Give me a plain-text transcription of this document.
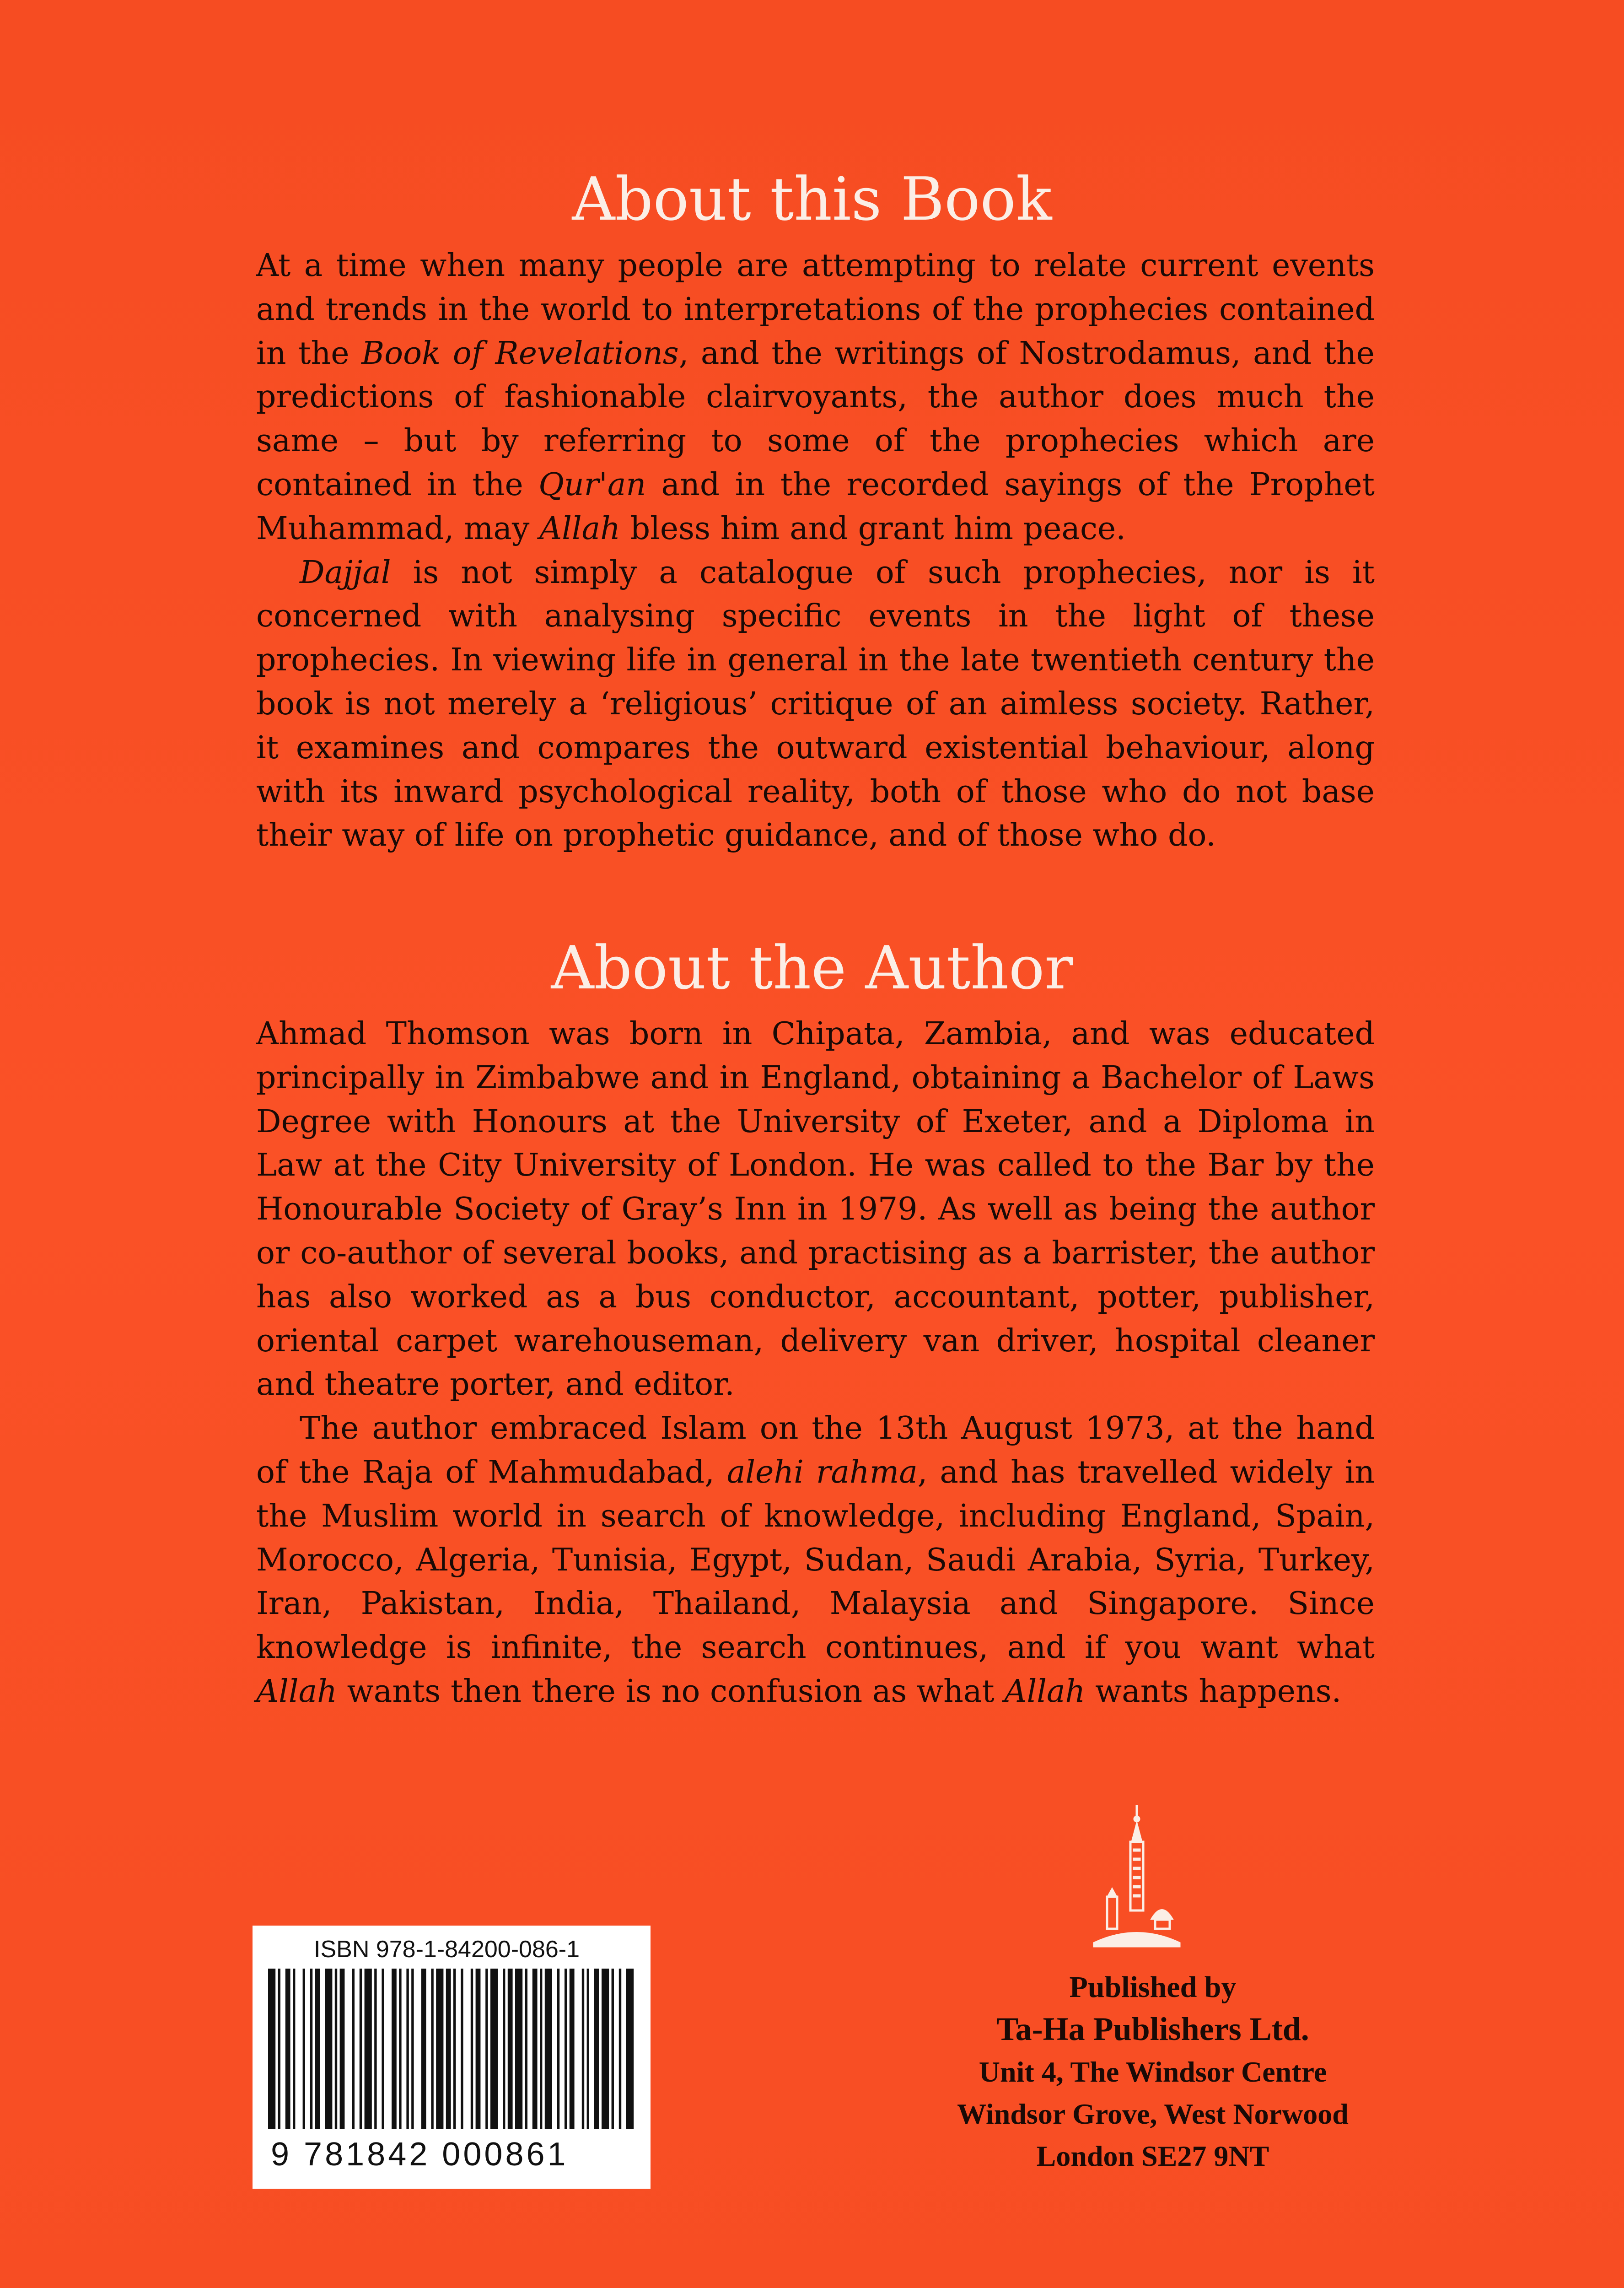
About this Book

At a time when many people are attempting to relate current events and trends in the world to interpretations of the prophecies contained in the Book of Revelations, and the writings of Nostrodamus, and the predictions of fashionable clairvoyants, the author does much the same – but by referring to some of the prophecies which are contained in the Qur'an and in the recorded sayings of the Prophet Muhammad, may Allah bless him and grant him peace.

Dajjal is not simply a catalogue of such prophecies, nor is it concerned with analysing specific events in the light of these prophecies. In viewing life in general in the late twentieth century the book is not merely a ‘religious’ critique of an aimless society. Rather, it examines and compares the outward existential behaviour, along with its inward psychological reality, both of those who do not base their way of life on prophetic guidance, and of those who do.

About the Author

Ahmad Thomson was born in Chipata, Zambia, and was educated principally in Zimbabwe and in England, obtaining a Bachelor of Laws Degree with Honours at the University of Exeter, and a Diploma in Law at the City University of London. He was called to the Bar by the Honourable Society of Gray’s Inn in 1979. As well as being the author or co-author of several books, and practising as a barrister, the author has also worked as a bus conductor, accountant, potter, publisher, oriental carpet warehouseman, delivery van driver, hospital cleaner and theatre porter, and editor.

The author embraced Islam on the 13th August 1973, at the hand of the Raja of Mahmudabad, alehi rahma, and has travelled widely in the Muslim world in search of knowledge, including England, Spain, Morocco, Algeria, Tunisia, Egypt, Sudan, Saudi Arabia, Syria, Turkey, Iran, Pakistan, India, Thailand, Malaysia and Singapore. Since knowledge is infinite, the search continues, and if you want what Allah wants then there is no confusion as what Allah wants happens.

ISBN 978-1-84200-086-1
9 781842 000861
Published by
Ta-Ha Publishers Ltd.
Unit 4, The Windsor Centre
Windsor Grove, West Norwood
London SE27 9NT
